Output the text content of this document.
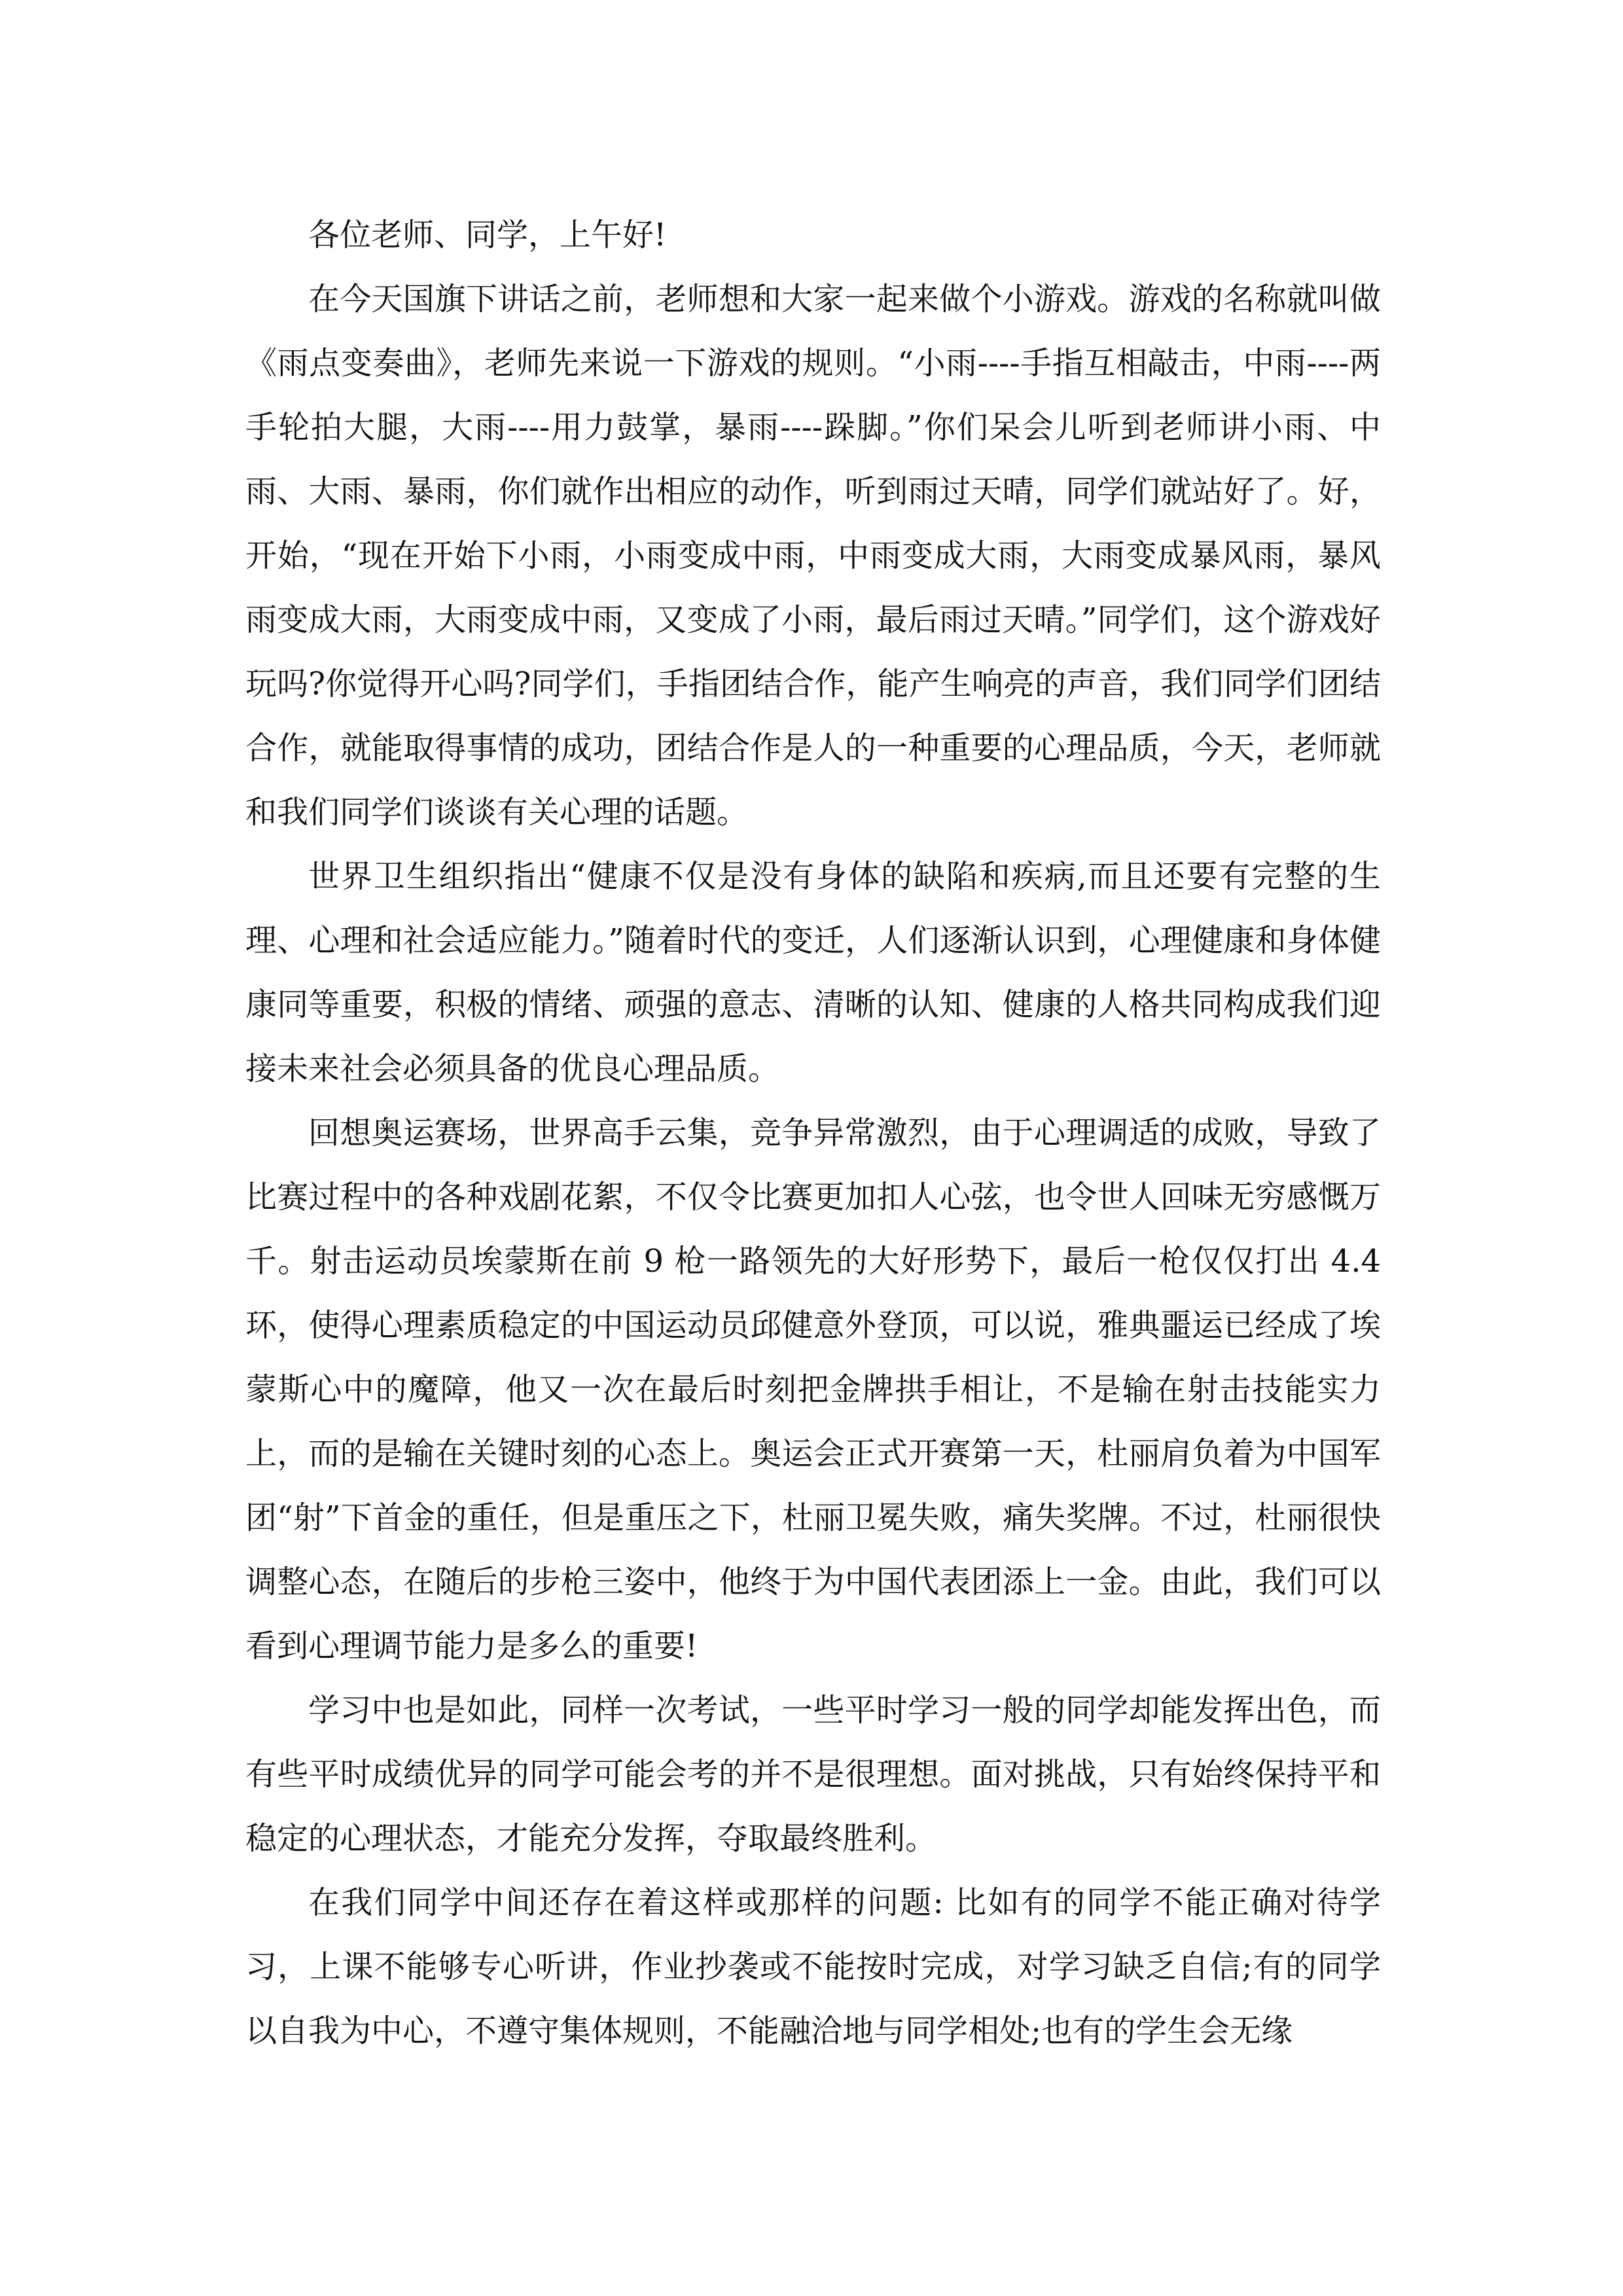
各位老师、同学，上午好!

在今天国旗下讲话之前，老师想和大家一起来做个小游戏。游戏的名称就叫做《雨点变奏曲》，老师先来说一下游戏的规则。“小雨----手指互相敲击，中雨----两手轮拍大腿，大雨----用力鼓掌，暴雨----跺脚。”你们呆会儿听到老师讲小雨、中雨、大雨、暴雨，你们就作出相应的动作，听到雨过天晴，同学们就站好了。好，开始，“现在开始下小雨，小雨变成中雨，中雨变成大雨，大雨变成暴风雨，暴风雨变成大雨，大雨变成中雨，又变成了小雨，最后雨过天晴。”同学们，这个游戏好玩吗?你觉得开心吗?同学们，手指团结合作，能产生响亮的声音，我们同学们团结合作，就能取得事情的成功，团结合作是人的一种重要的心理品质，今天，老师就和我们同学们谈谈有关心理的话题。

世界卫生组织指出“健康不仅是没有身体的缺陷和疾病,而且还要有完整的生理、心理和社会适应能力。”随着时代的变迁，人们逐渐认识到，心理健康和身体健康同等重要，积极的情绪、顽强的意志、清晰的认知、健康的人格共同构成我们迎接未来社会必须具备的优良心理品质。

回想奥运赛场，世界高手云集，竞争异常激烈，由于心理调适的成败，导致了比赛过程中的各种戏剧花絮，不仅令比赛更加扣人心弦，也令世人回味无穷感慨万千。射击运动员埃蒙斯在前 9 枪一路领先的大好形势下，最后一枪仅仅打出 4.4 环，使得心理素质稳定的中国运动员邱健意外登顶，可以说，雅典噩运已经成了埃蒙斯心中的魔障，他又一次在最后时刻把金牌拱手相让，不是输在射击技能实力上，而的是输在关键时刻的心态上。奥运会正式开赛第一天，杜丽肩负着为中国军团“射”下首金的重任，但是重压之下，杜丽卫冕失败，痛失奖牌。不过，杜丽很快调整心态，在随后的步枪三姿中，他终于为中国代表团添上一金。由此，我们可以看到心理调节能力是多么的重要!

学习中也是如此，同样一次考试，一些平时学习一般的同学却能发挥出色，而有些平时成绩优异的同学可能会考的并不是很理想。面对挑战，只有始终保持平和稳定的心理状态，才能充分发挥，夺取最终胜利。

在我们同学中间还存在着这样或那样的问题: 比如有的同学不能正确对待学习，上课不能够专心听讲，作业抄袭或不能按时完成，对学习缺乏自信;有的同学以自我为中心，不遵守集体规则，不能融洽地与同学相处;也有的学生会无缘
